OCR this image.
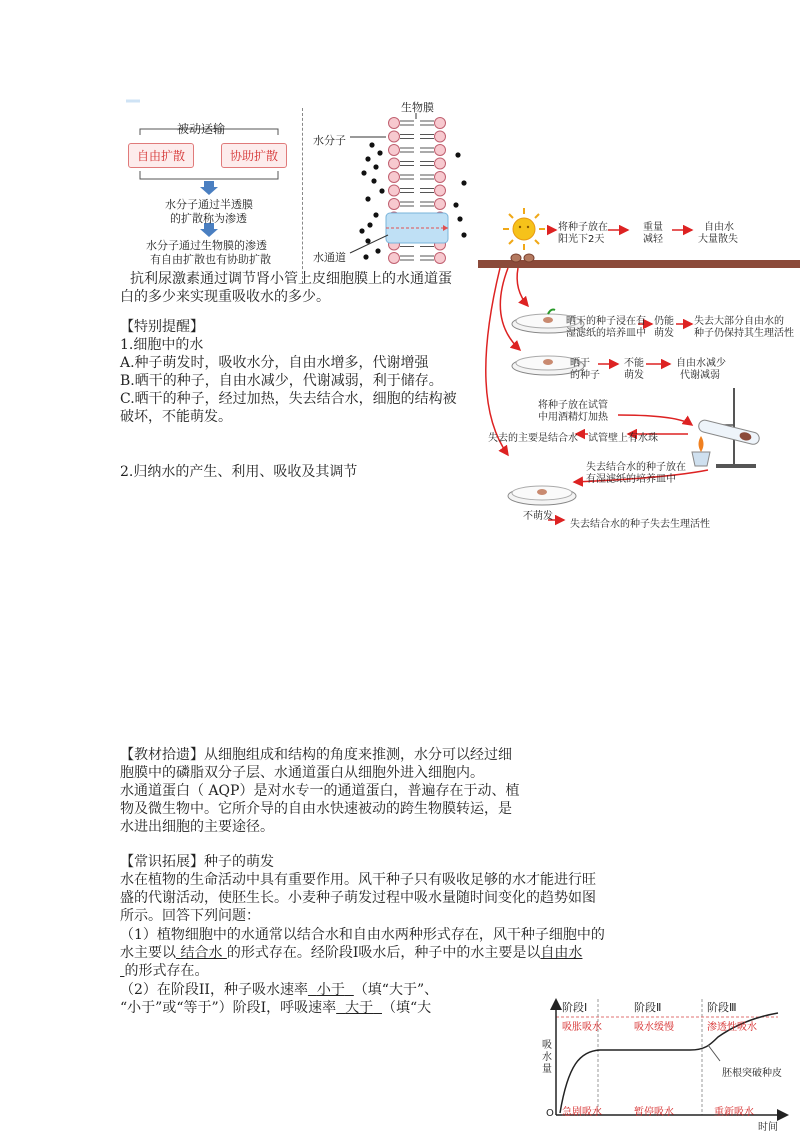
被动运输
自由扩散	协助扩散
水分子通过半透膜
的扩散称为渗透
水分子通过生物膜的渗透
有自由扩散也有协助扩散
生物膜
水分子
水通道
将种子放在
阳光下2天
重量
减轻
自由水
大量散失
晒干的种子浸在有
湿滤纸的培养皿中
仍能
萌发
失去大部分自由水的
种子仍保持其生理活性
晒干
的种子
不能
萌发
自由水减少
代谢减弱
将种子放在试管
中用酒精灯加热
试管壁上有水珠
失去的主要是结合水
失去结合水的种子放在
有湿滤纸的培养皿中
不萌发
失去结合水的种子失去生理活性
抗利尿激素通过调节肾小管上皮细胞膜上的水通道蛋
白的多少来实现重吸收水的多少。
【特别提醒】
1.细胞中的水
A.种子萌发时，吸收水分，自由水增多，代谢增强
B.晒干的种子，自由水减少，代谢减弱，利于储存。
C.晒干的种子，经过加热，失去结合水，细胞的结构被
破坏，不能萌发。
2.归纳水的产生、利用、吸收及其调节
【教材拾遗】从细胞组成和结构的角度来推测，水分可以经过细
胞膜中的磷脂双分子层、水通道蛋白从细胞外进入细胞内。
水通道蛋白（ AQP）是对水专一的通道蛋白，普遍存在于动、植
物及微生物中。它所介导的自由水快速被动的跨生物膜转运，是
水进出细胞的主要途径。
【常识拓展】种子的萌发
水在植物的生命活动中具有重要作用。风干种子只有吸收足够的水才能进行旺
盛的代谢活动，使胚生长。小麦种子萌发过程中吸水量随时间变化的趋势如图
所示。回答下列问题：
（1）植物细胞中的水通常以结合水和自由水两种形式存在，风干种子细胞中的
水主要以 结合水 的形式存在。经阶段Ⅰ吸水后，种子中的水主要是以自由水
的形式存在。
（2）在阶段II，种子吸水速率 小于 （填“大于”、
“小于”或“等于”）阶段I，呼吸速率 大于 （填“大	阶段Ⅰ	阶段Ⅱ	阶段Ⅲ
吸胀吸水	吸水缓慢	渗透性吸水
胚根突破种皮
急剧吸水	暂停吸水	重新吸水
吸水量
O
时间
